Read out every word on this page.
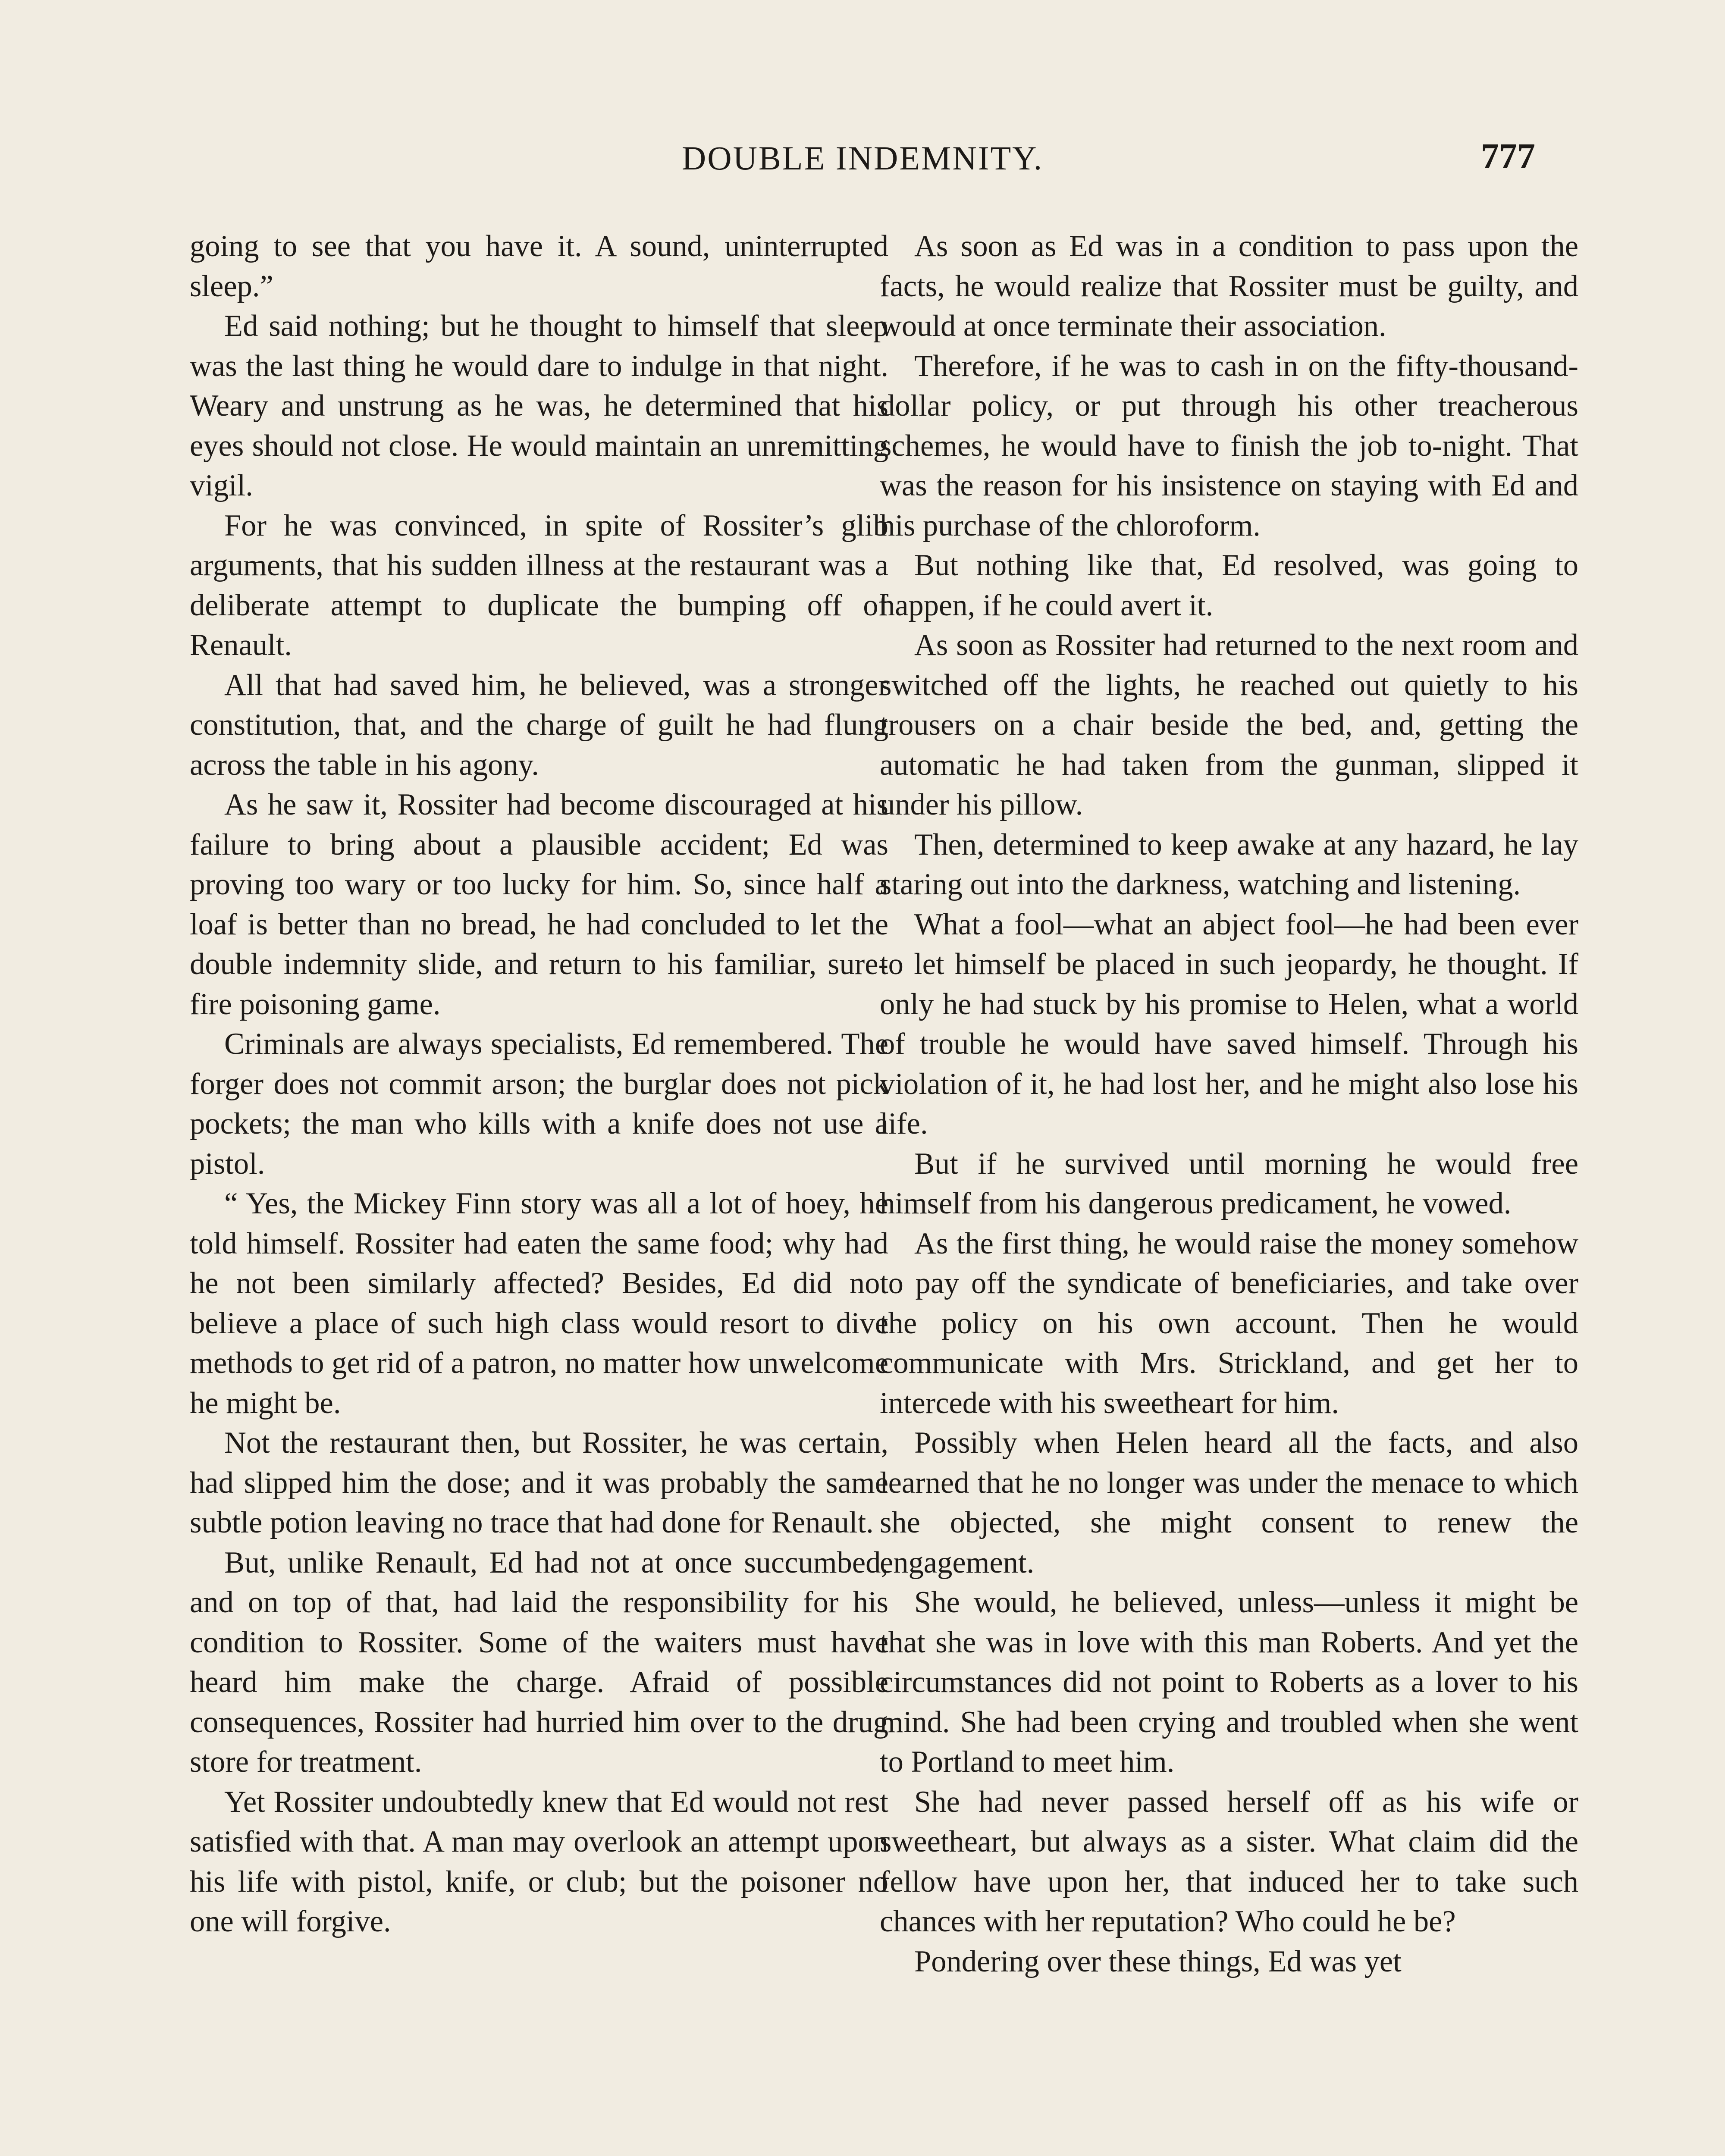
DOUBLE INDEMNITY.	777

going to see that you have it. A sound, uninterrupted sleep.”

Ed said nothing; but he thought to himself that sleep was the last thing he would dare to indulge in that night. Weary and unstrung as he was, he determined that his eyes should not close. He would maintain an unremitting vigil.

For he was convinced, in spite of Rossiter’s glib arguments, that his sudden illness at the restaurant was a deliberate attempt to duplicate the bumping off of Renault.

All that had saved him, he believed, was a stronger constitution, that, and the charge of guilt he had flung across the table in his agony.

As he saw it, Rossiter had become discouraged at his failure to bring about a plausible accident; Ed was proving too wary or too lucky for him. So, since half a loaf is better than no bread, he had concluded to let the double indemnity slide, and return to his familiar, sure-fire poisoning game.

Criminals are always specialists, Ed remembered. The forger does not commit arson; the burglar does not pick pockets; the man who kills with a knife does not use a pistol.

“ Yes, the Mickey Finn story was all a lot of hoey, he told himself. Rossiter had eaten the same food; why had he not been similarly affected? Besides, Ed did not believe a place of such high class would resort to dive methods to get rid of a patron, no matter how unwelcome he might be.

Not the restaurant then, but Rossiter, he was certain, had slipped him the dose; and it was probably the same subtle potion leaving no trace that had done for Renault.

But, unlike Renault, Ed had not at once succumbed, and on top of that, had laid the responsibility for his condition to Rossiter. Some of the waiters must have heard him make the charge. Afraid of possible consequences, Rossiter had hurried him over to the drug store for treatment.

Yet Rossiter undoubtedly knew that Ed would not rest satisfied with that. A man may overlook an attempt upon his life with pistol, knife, or club; but the poisoner no one will forgive.

As soon as Ed was in a condition to pass upon the facts, he would realize that Rossiter must be guilty, and would at once terminate their association.

Therefore, if he was to cash in on the fifty-thousand-dollar policy, or put through his other treacherous schemes, he would have to finish the job to-night. That was the reason for his insistence on staying with Ed and his purchase of the chloroform.

But nothing like that, Ed resolved, was going to happen, if he could avert it.

As soon as Rossiter had returned to the next room and switched off the lights, he reached out quietly to his trousers on a chair beside the bed, and, getting the automatic he had taken from the gunman, slipped it under his pillow.

Then, determined to keep awake at any hazard, he lay staring out into the darkness, watching and listening.

What a fool—what an abject fool—he had been ever to let himself be placed in such jeopardy, he thought. If only he had stuck by his promise to Helen, what a world of trouble he would have saved himself. Through his violation of it, he had lost her, and he might also lose his life.

But if he survived until morning he would free himself from his dangerous predicament, he vowed.

As the first thing, he would raise the money somehow to pay off the syndicate of beneficiaries, and take over the policy on his own account. Then he would communicate with Mrs. Strickland, and get her to intercede with his sweetheart for him.

Possibly when Helen heard all the facts, and also learned that he no longer was under the menace to which she objected, she might consent to renew the engagement.

She would, he believed, unless—unless it might be that she was in love with this man Roberts. And yet the circumstances did not point to Roberts as a lover to his mind. She had been crying and troubled when she went to Portland to meet him.

She had never passed herself off as his wife or sweetheart, but always as a sister. What claim did the fellow have upon her, that induced her to take such chances with her reputation? Who could he be?

Pondering over these things, Ed was yet
